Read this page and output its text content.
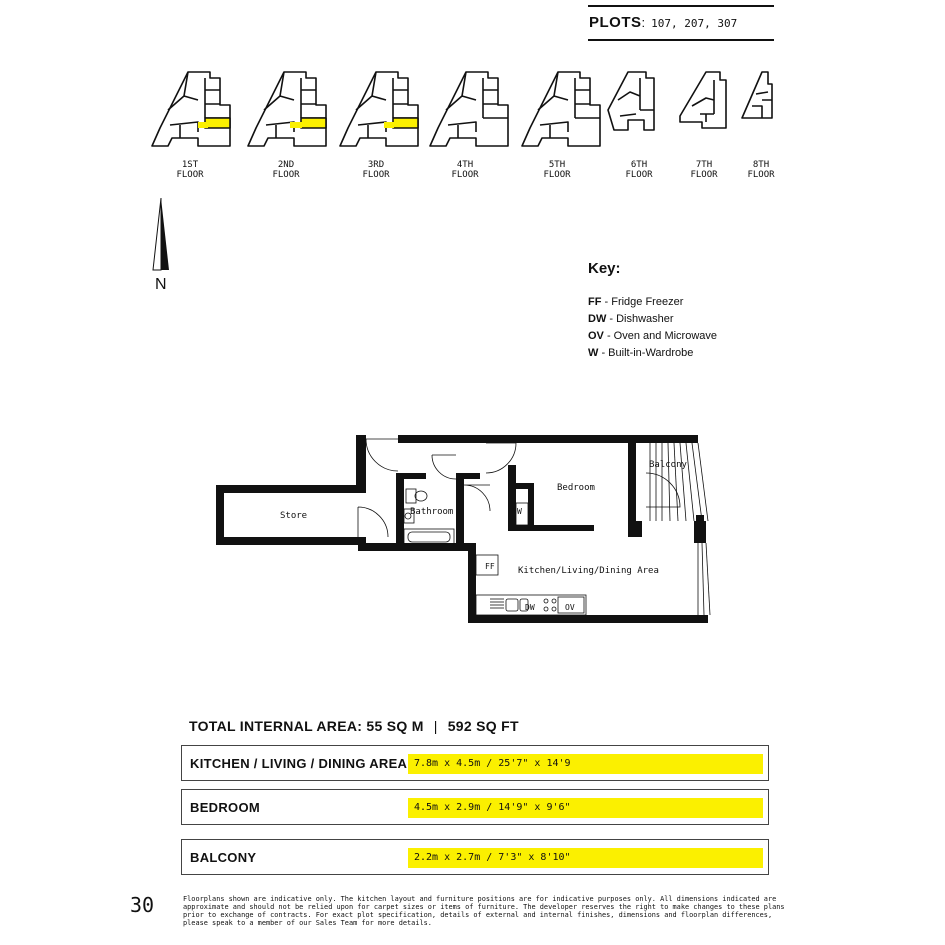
PLOTS: 107, 207, 307
1ST
FLOOR
2ND
FLOOR
3RD
FLOOR
4TH
FLOOR
5TH
FLOOR
6TH
FLOOR
7TH
FLOOR
8TH
FLOOR
N
Key:
FF - Fridge Freezer
DW - Dishwasher
OV - Oven and Microwave
W - Built-in-Wardrobe
Store	Bathroom
Bedroom
Balcony
Kitchen/Living/Dining Area
FF
W
DW	OV
TOTAL INTERNAL AREA: 55 SQ M | 592 SQ FT
KITCHEN / LIVING / DINING AREA 7.8m x 4.5m / 25'7" x 14'9
BEDROOM	4.5m x 2.9m / 14'9" x 9'6"
BALCONY	2.2m x 2.7m / 7'3" x 8'10"
30	Floorplans shown are indicative only. The kitchen layout and furniture positions are for indicative purposes only. All dimensions indicated are approximate and should not be relied upon for carpet sizes or items of furniture. The developer reserves the right to make changes to these plans prior to exchange of contracts. For exact plot specification, details of external and internal finishes, dimensions and floorplan differences, please speak to a member of our Sales Team for more details.
